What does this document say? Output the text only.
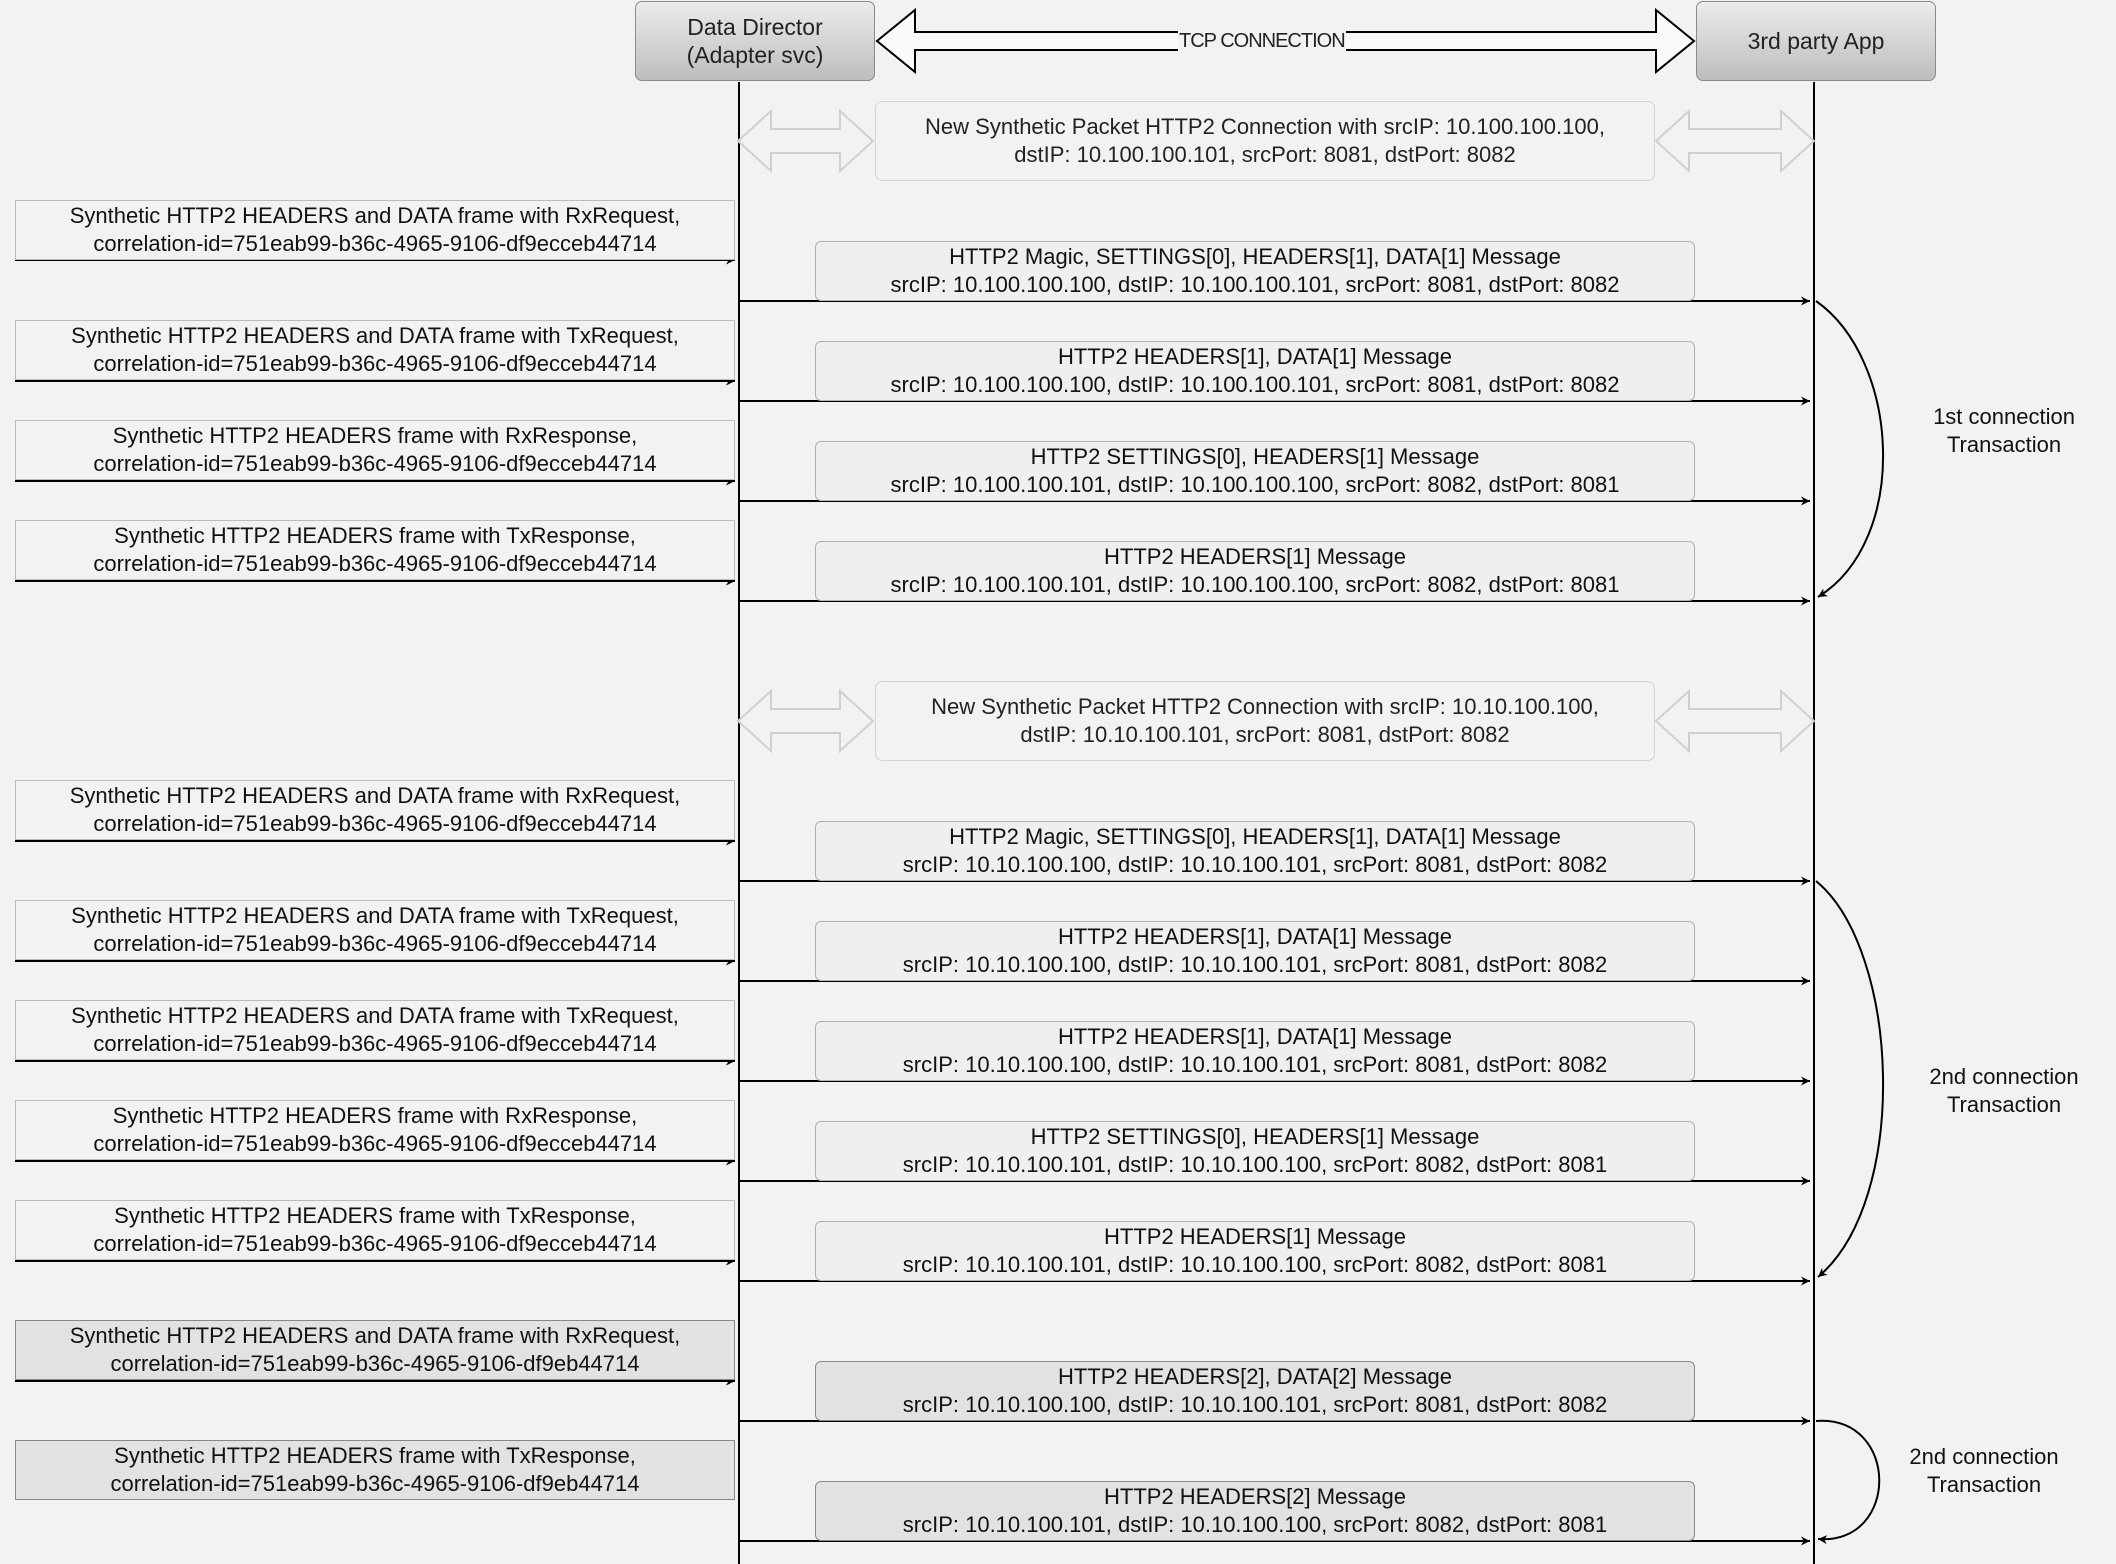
Data Director
(Adapter svc)
3rd party App
TCP CONNECTION
New Synthetic Packet HTTP2 Connection with srcIP: 10.100.100.100,
dstIP: 10.100.100.101, srcPort: 8081, dstPort: 8082
New Synthetic Packet HTTP2 Connection with srcIP: 10.10.100.100,
dstIP: 10.10.100.101, srcPort: 8081, dstPort: 8082
Synthetic HTTP2 HEADERS and DATA frame with RxRequest,
correlation-id=751eab99-b36c-4965-9106-df9ecceb44714
Synthetic HTTP2 HEADERS and DATA frame with TxRequest,
correlation-id=751eab99-b36c-4965-9106-df9ecceb44714
Synthetic HTTP2 HEADERS frame with RxResponse,
correlation-id=751eab99-b36c-4965-9106-df9ecceb44714
Synthetic HTTP2 HEADERS frame with TxResponse,
correlation-id=751eab99-b36c-4965-9106-df9ecceb44714
Synthetic HTTP2 HEADERS and DATA frame with RxRequest,
correlation-id=751eab99-b36c-4965-9106-df9ecceb44714
Synthetic HTTP2 HEADERS and DATA frame with TxRequest,
correlation-id=751eab99-b36c-4965-9106-df9ecceb44714
Synthetic HTTP2 HEADERS and DATA frame with TxRequest,
correlation-id=751eab99-b36c-4965-9106-df9ecceb44714
Synthetic HTTP2 HEADERS frame with RxResponse,
correlation-id=751eab99-b36c-4965-9106-df9ecceb44714
Synthetic HTTP2 HEADERS frame with TxResponse,
correlation-id=751eab99-b36c-4965-9106-df9ecceb44714
Synthetic HTTP2 HEADERS and DATA frame with RxRequest,
correlation-id=751eab99-b36c-4965-9106-df9eb44714
Synthetic HTTP2 HEADERS frame with TxResponse,
correlation-id=751eab99-b36c-4965-9106-df9eb44714
HTTP2 Magic, SETTINGS[0], HEADERS[1], DATA[1] Message
srcIP: 10.100.100.100, dstIP: 10.100.100.101, srcPort: 8081, dstPort: 8082
HTTP2 HEADERS[1], DATA[1] Message
srcIP: 10.100.100.100, dstIP: 10.100.100.101, srcPort: 8081, dstPort: 8082
HTTP2 SETTINGS[0], HEADERS[1] Message
srcIP: 10.100.100.101, dstIP: 10.100.100.100, srcPort: 8082, dstPort: 8081
HTTP2 HEADERS[1] Message
srcIP: 10.100.100.101, dstIP: 10.100.100.100, srcPort: 8082, dstPort: 8081
HTTP2 Magic, SETTINGS[0], HEADERS[1], DATA[1] Message
srcIP: 10.10.100.100, dstIP: 10.10.100.101, srcPort: 8081, dstPort: 8082
HTTP2 HEADERS[1], DATA[1] Message
srcIP: 10.10.100.100, dstIP: 10.10.100.101, srcPort: 8081, dstPort: 8082
HTTP2 HEADERS[1], DATA[1] Message
srcIP: 10.10.100.100, dstIP: 10.10.100.101, srcPort: 8081, dstPort: 8082
HTTP2 SETTINGS[0], HEADERS[1] Message
srcIP: 10.10.100.101, dstIP: 10.10.100.100, srcPort: 8082, dstPort: 8081
HTTP2 HEADERS[1] Message
srcIP: 10.10.100.101, dstIP: 10.10.100.100, srcPort: 8082, dstPort: 8081
HTTP2 HEADERS[2], DATA[2] Message
srcIP: 10.10.100.100, dstIP: 10.10.100.101, srcPort: 8081, dstPort: 8082
HTTP2 HEADERS[2] Message
srcIP: 10.10.100.101, dstIP: 10.10.100.100, srcPort: 8082, dstPort: 8081
1st connection
Transaction
2nd connection
Transaction
2nd connection
Transaction
